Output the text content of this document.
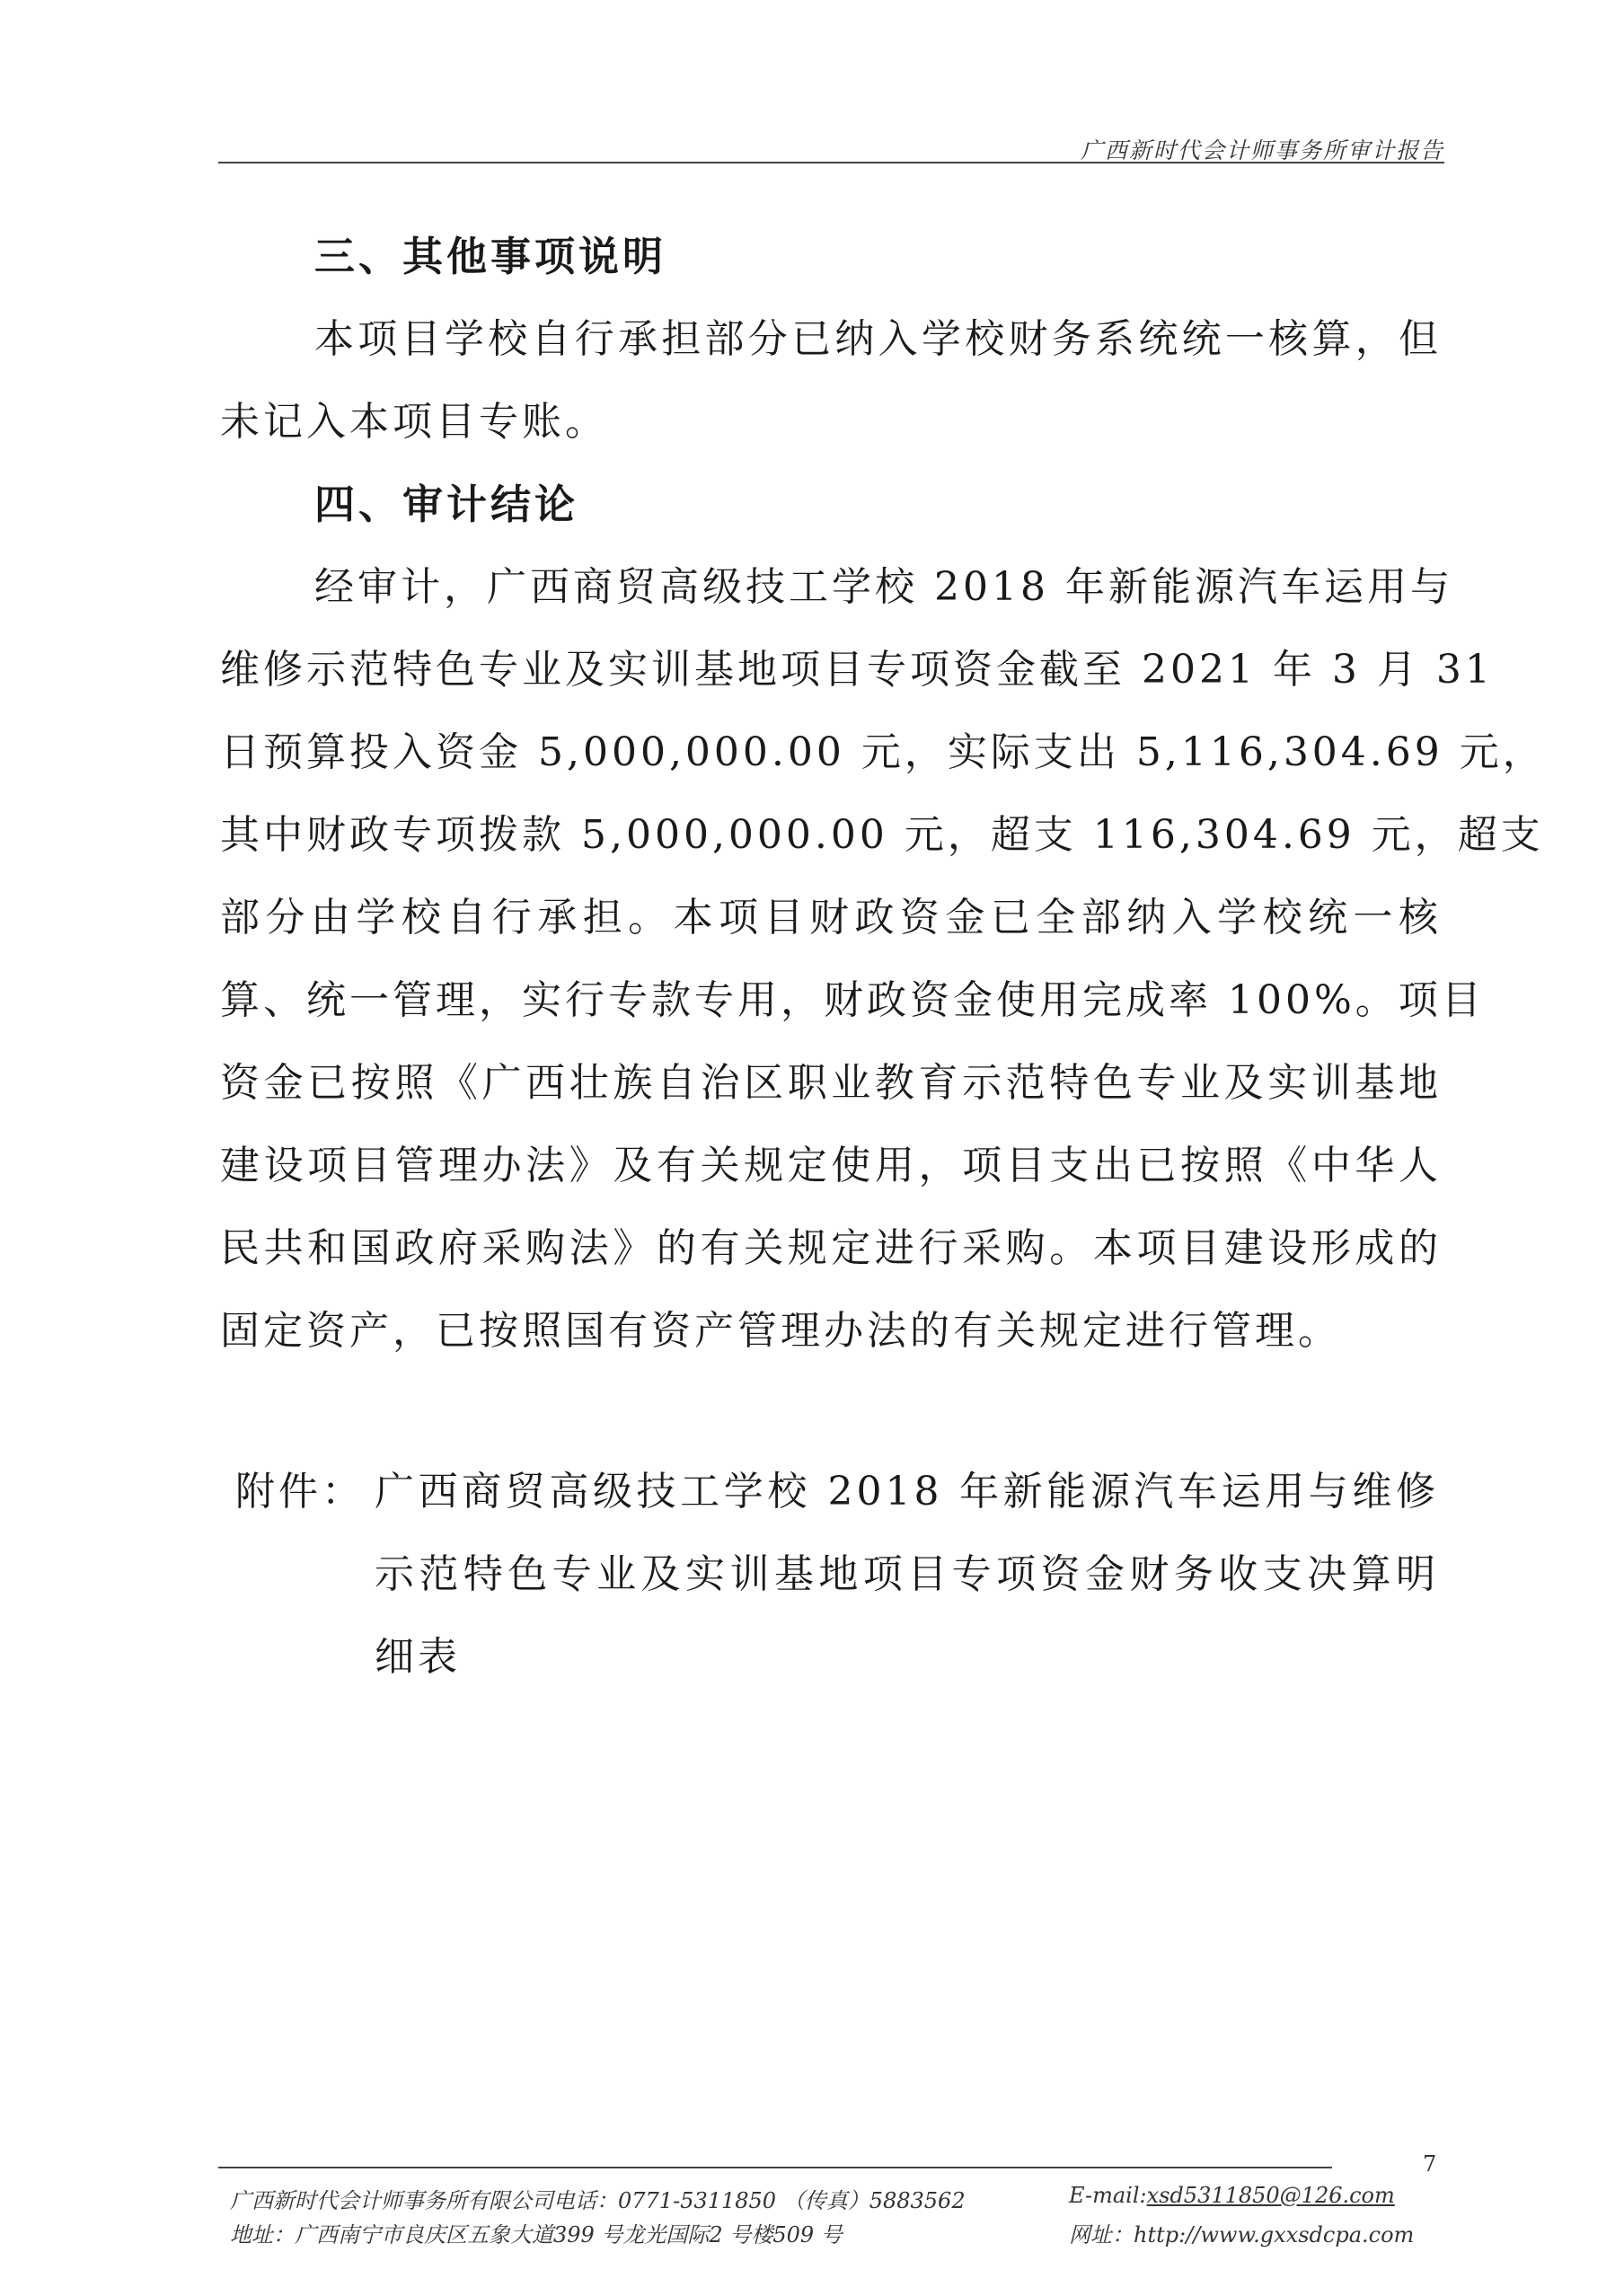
广西新时代会计师事务所审计报告
三、其他事项说明
本项目学校自行承担部分已纳入学校财务系统统一核算，但
未记入本项目专账。
四、审计结论
经审计，广西商贸高级技工学校 2018 年新能源汽车运用与
维修示范特色专业及实训基地项目专项资金截至 2021 年 3 月 31
日预算投入资金 5,000,000.00 元，实际支出 5,116,304.69 元，
其中财政专项拨款 5,000,000.00 元，超支 116,304.69 元，超支
部分由学校自行承担。本项目财政资金已全部纳入学校统一核
算、统一管理，实行专款专用，财政资金使用完成率 100%。项目
资金已按照《广西壮族自治区职业教育示范特色专业及实训基地
建设项目管理办法》及有关规定使用，项目支出已按照《中华人
民共和国政府采购法》的有关规定进行采购。本项目建设形成的
固定资产，已按照国有资产管理办法的有关规定进行管理。
附件： 广西商贸高级技工学校 2018 年新能源汽车运用与维修
示范特色专业及实训基地项目专项资金财务收支决算明
细表
7
广西新时代会计师事务所有限公司电话：0771-5311850 （传真）5883562	E-mail:xsd5311850@126.com
地址：广西南宁市良庆区五象大道399 号龙光国际2 号楼509 号	网址：http://www.gxxsdcpa.com
